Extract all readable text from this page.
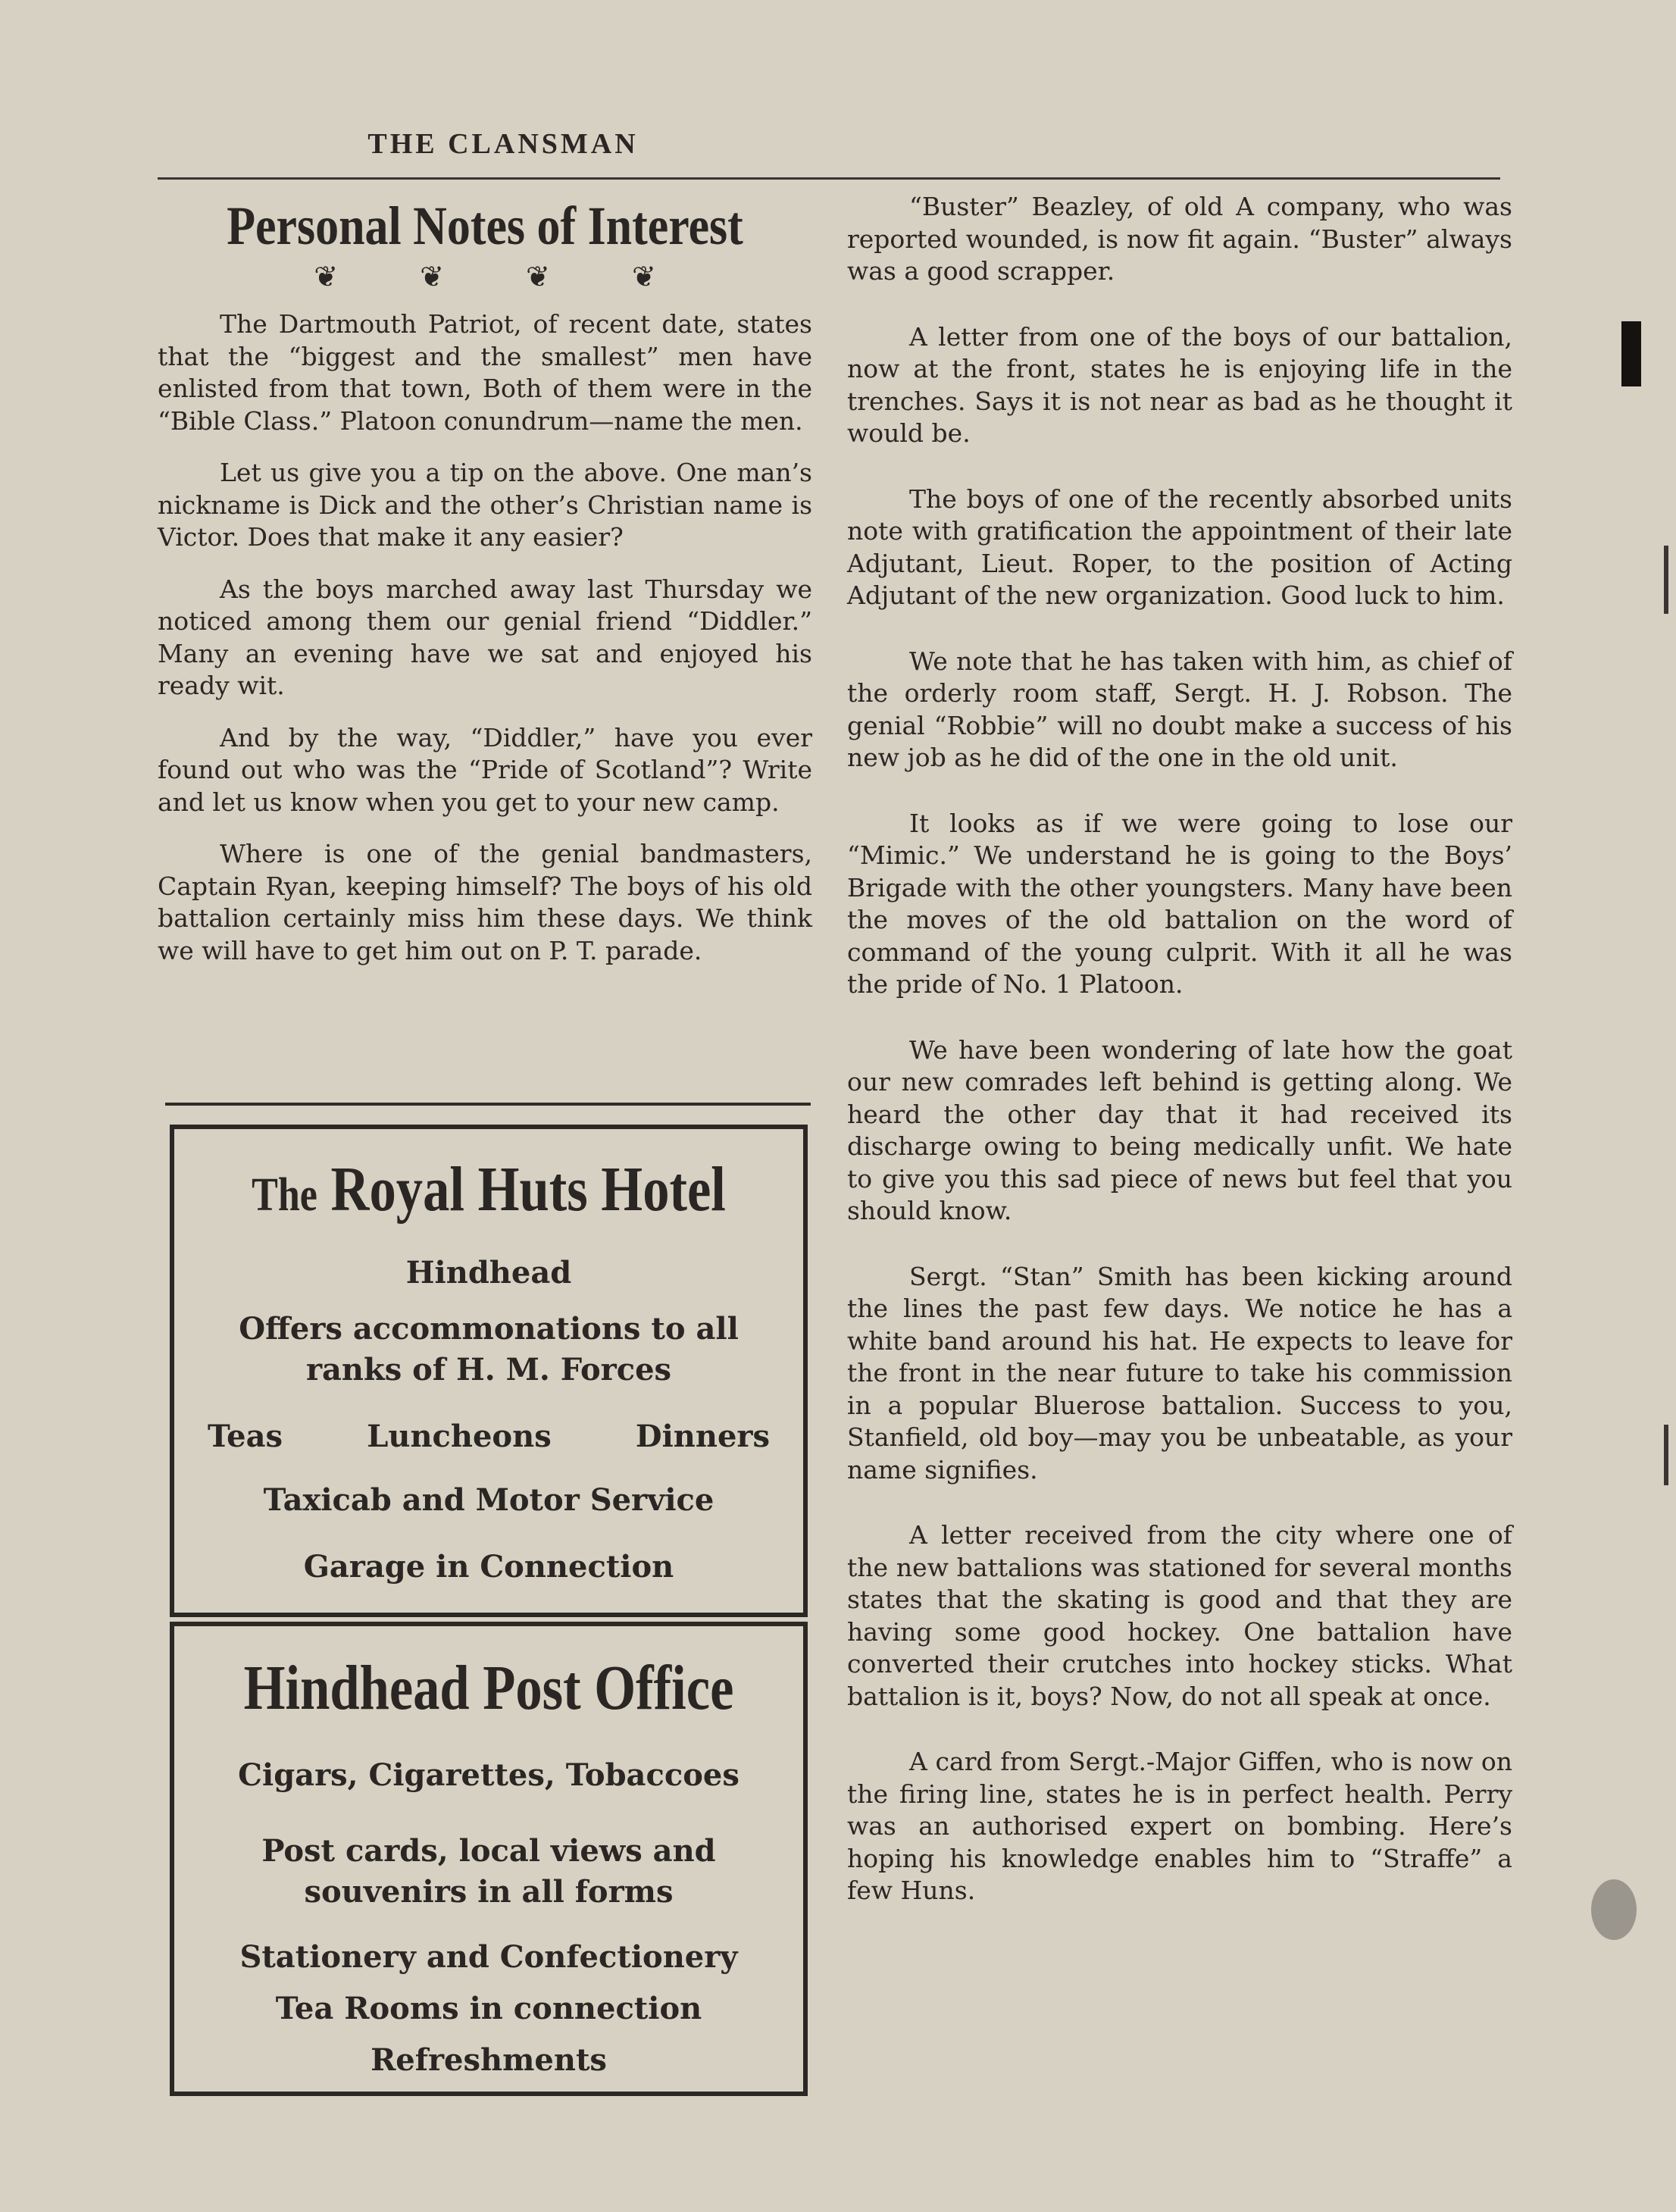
THE CLANSMAN
Personal Notes of Interest
❦ ❦ ❦ ❦

The Dartmouth Patriot, of recent date, states that the “biggest and the smallest” men have enlisted from that town, Both of them were in the “Bible Class.” Platoon conundrum—name the men.

Let us give you a tip on the above. One man’s nickname is Dick and the other’s Christian name is Victor. Does that make it any easier?

As the boys marched away last Thursday we noticed among them our genial friend “Diddler.” Many an evening have we sat and enjoyed his ready wit.

And by the way, “Diddler,” have you ever found out who was the “Pride of Scotland”? Write and let us know when you get to your new camp.

Where is one of the genial bandmasters, Captain Ryan, keeping himself? The boys of his old battalion certainly miss him these days. We think we will have to get him out on P. T. parade.

The Royal Huts Hotel

Hindhead

Offers accommonations to all

ranks of H. M. Forces

Teas	Luncheons	Dinners

Taxicab and Motor Service

Garage in Connection

Hindhead Post Office

Cigars, Cigarettes, Tobaccoes

Post cards, local views and

souvenirs in all forms

Stationery and Confectionery

Tea Rooms in connection

Refreshments

“Buster” Beazley, of old A company, who was reported wounded, is now fit again. “Buster” always was a good scrapper.

A letter from one of the boys of our battalion, now at the front, states he is enjoying life in the trenches. Says it is not near as bad as he thought it would be.

The boys of one of the recently absorbed units note with gratification the appointment of their late Adjutant, Lieut. Roper, to the position of Acting Adjutant of the new organization. Good luck to him.

We note that he has taken with him, as chief of the orderly room staff, Sergt. H. J. Robson. The genial “Robbie” will no doubt make a success of his new job as he did of the one in the old unit.

It looks as if we were going to lose our “Mimic.” We understand he is going to the Boys’ Brigade with the other youngsters. Many have been the moves of the old battalion on the word of command of the young culprit. With it all he was the pride of No. 1 Platoon.

We have been wondering of late how the goat our new comrades left behind is getting along. We heard the other day that it had received its discharge owing to being medically unfit. We hate to give you this sad piece of news but feel that you should know.

Sergt. “Stan” Smith has been kicking around the lines the past few days. We notice he has a white band around his hat. He expects to leave for the front in the near future to take his commission in a popular Bluerose battalion. Success to you, Stanfield, old boy—may you be unbeatable, as your name signifies.

A letter received from the city where one of the new battalions was stationed for several months states that the skating is good and that they are having some good hockey. One battalion have converted their crutches into hockey sticks. What battalion is it, boys? Now, do not all speak at once.

A card from Sergt.-Major Giffen, who is now on the firing line, states he is in perfect health. Perry was an authorised expert on bombing. Here’s hoping his knowledge enables him to “Straffe” a few Huns.
